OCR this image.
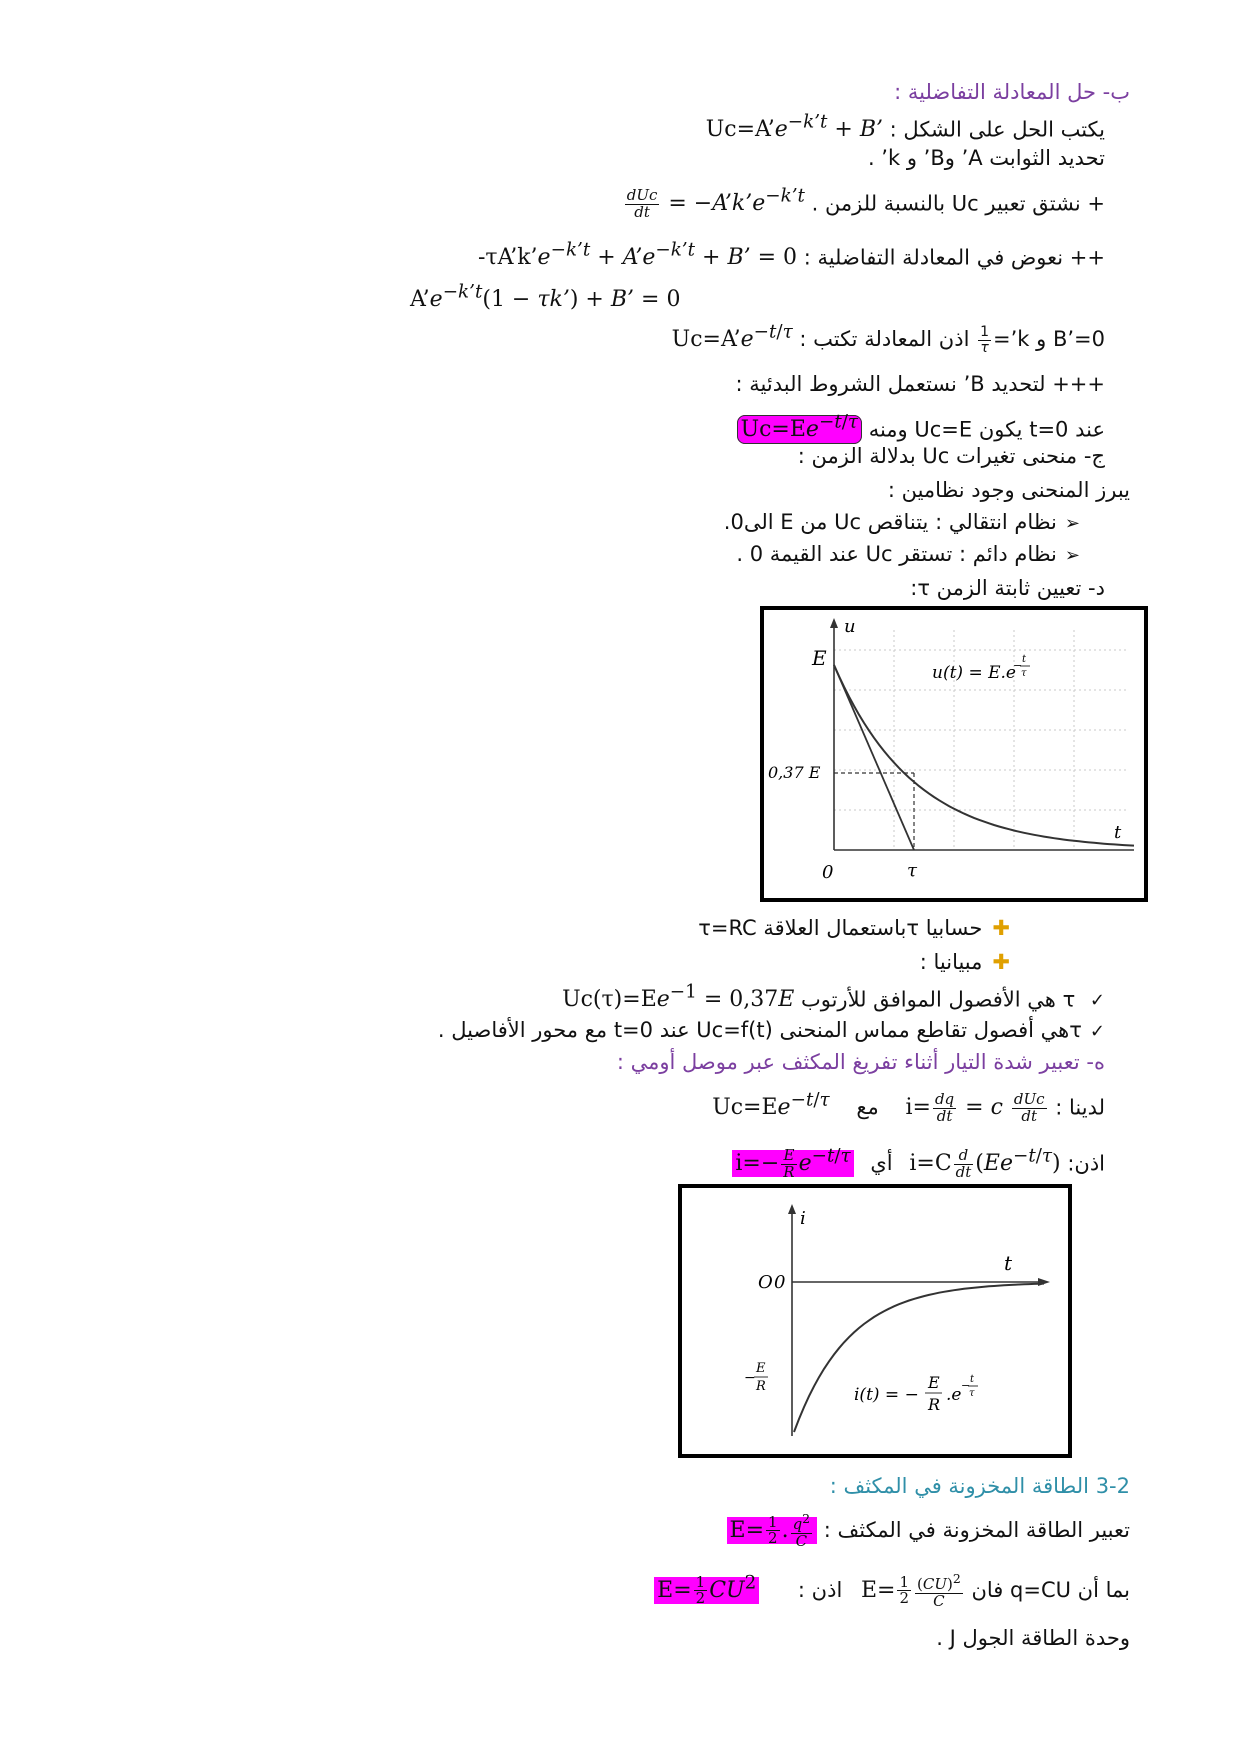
ب- حل المعادلة التفاضلية :
يكتب الحل على الشكل : $Uc=A’e^{-k’t} + B$’
تحديد الثوابت A’ وB’ و k’ .
+ نشتق تعبير Uc بالنسبة للزمن .
$\frac{\text{dUc}}{dt}$ = $-A’k’e^{-k’t}$
++ نعوض في المعادلة التفاضلية : $-\tau A’k’e^{-k’t}$ + $A’e^{-k’t} + B$’ = 0
$A’e^{-k’t}(1$ − τk’) + B’ = 0
B’=0 و k’=
$\frac{1}{\tau}$
اذن المعادلة تكتب : $Uc=A’e^{-t/\tau}$
+++ لتحديد B’ نستعمل الشروط البدئية :
عند t=0 يكون Uc=E ومنه $Uc=Ee^{-t/\tau}$
ج- منحنى تغيرات Uc بدلالة الزمن :
يبرز المنحنى وجود نظامين :
➢نظام انتقالي : يتناقص Uc من E الى0.
➢نظام دائم : تستقر Uc عند القيمة 0 .
د- تعيين ثابتة الزمن τ:
u
E
0,37 E
0	τ
t
u(t) = E.e
t
τ
−
✚حسابيا τباستعمال العلاقة τ=RC
✚مبيانيا :
✓ τ هي الأفصول الموافق للأرتوب $Uc(\tau)=Ee^{-1} = 0,37E$
✓τهي أفصول تقاطع مماس المنحنى Uc=f(t) عند t=0 مع محور الأفاصيل .
ه- تعبير شدة التيار أثناء تفريغ المكثف عبر موصل أومي :
لدينا : $i= \frac{dq}{dt} = c \frac{\text{dUc}}{dt}$
مع $Uc=Ee^{-t/\tau}$
اذن: $i=C \frac{d}{dt} (Ee^{-t/\tau})$ أي $i=- \frac{E}{R} e^{-t/\tau}$
i
t
O 0
−
E
R	i(t) = −
E
R .e
t
τ
−
3-2 الطاقة المخزونة في المكثف :
تعبير الطاقة المخزونة في المكثف : $E= \frac{1}{2}$ . $\frac{q^2}{C}$
بما أن q=CU فان $E= \frac{1}{2} \frac{(CU)^2}{C}$
اذن : $E= \frac{1}{2} CU^2$
وحدة الطاقة الجول J .
